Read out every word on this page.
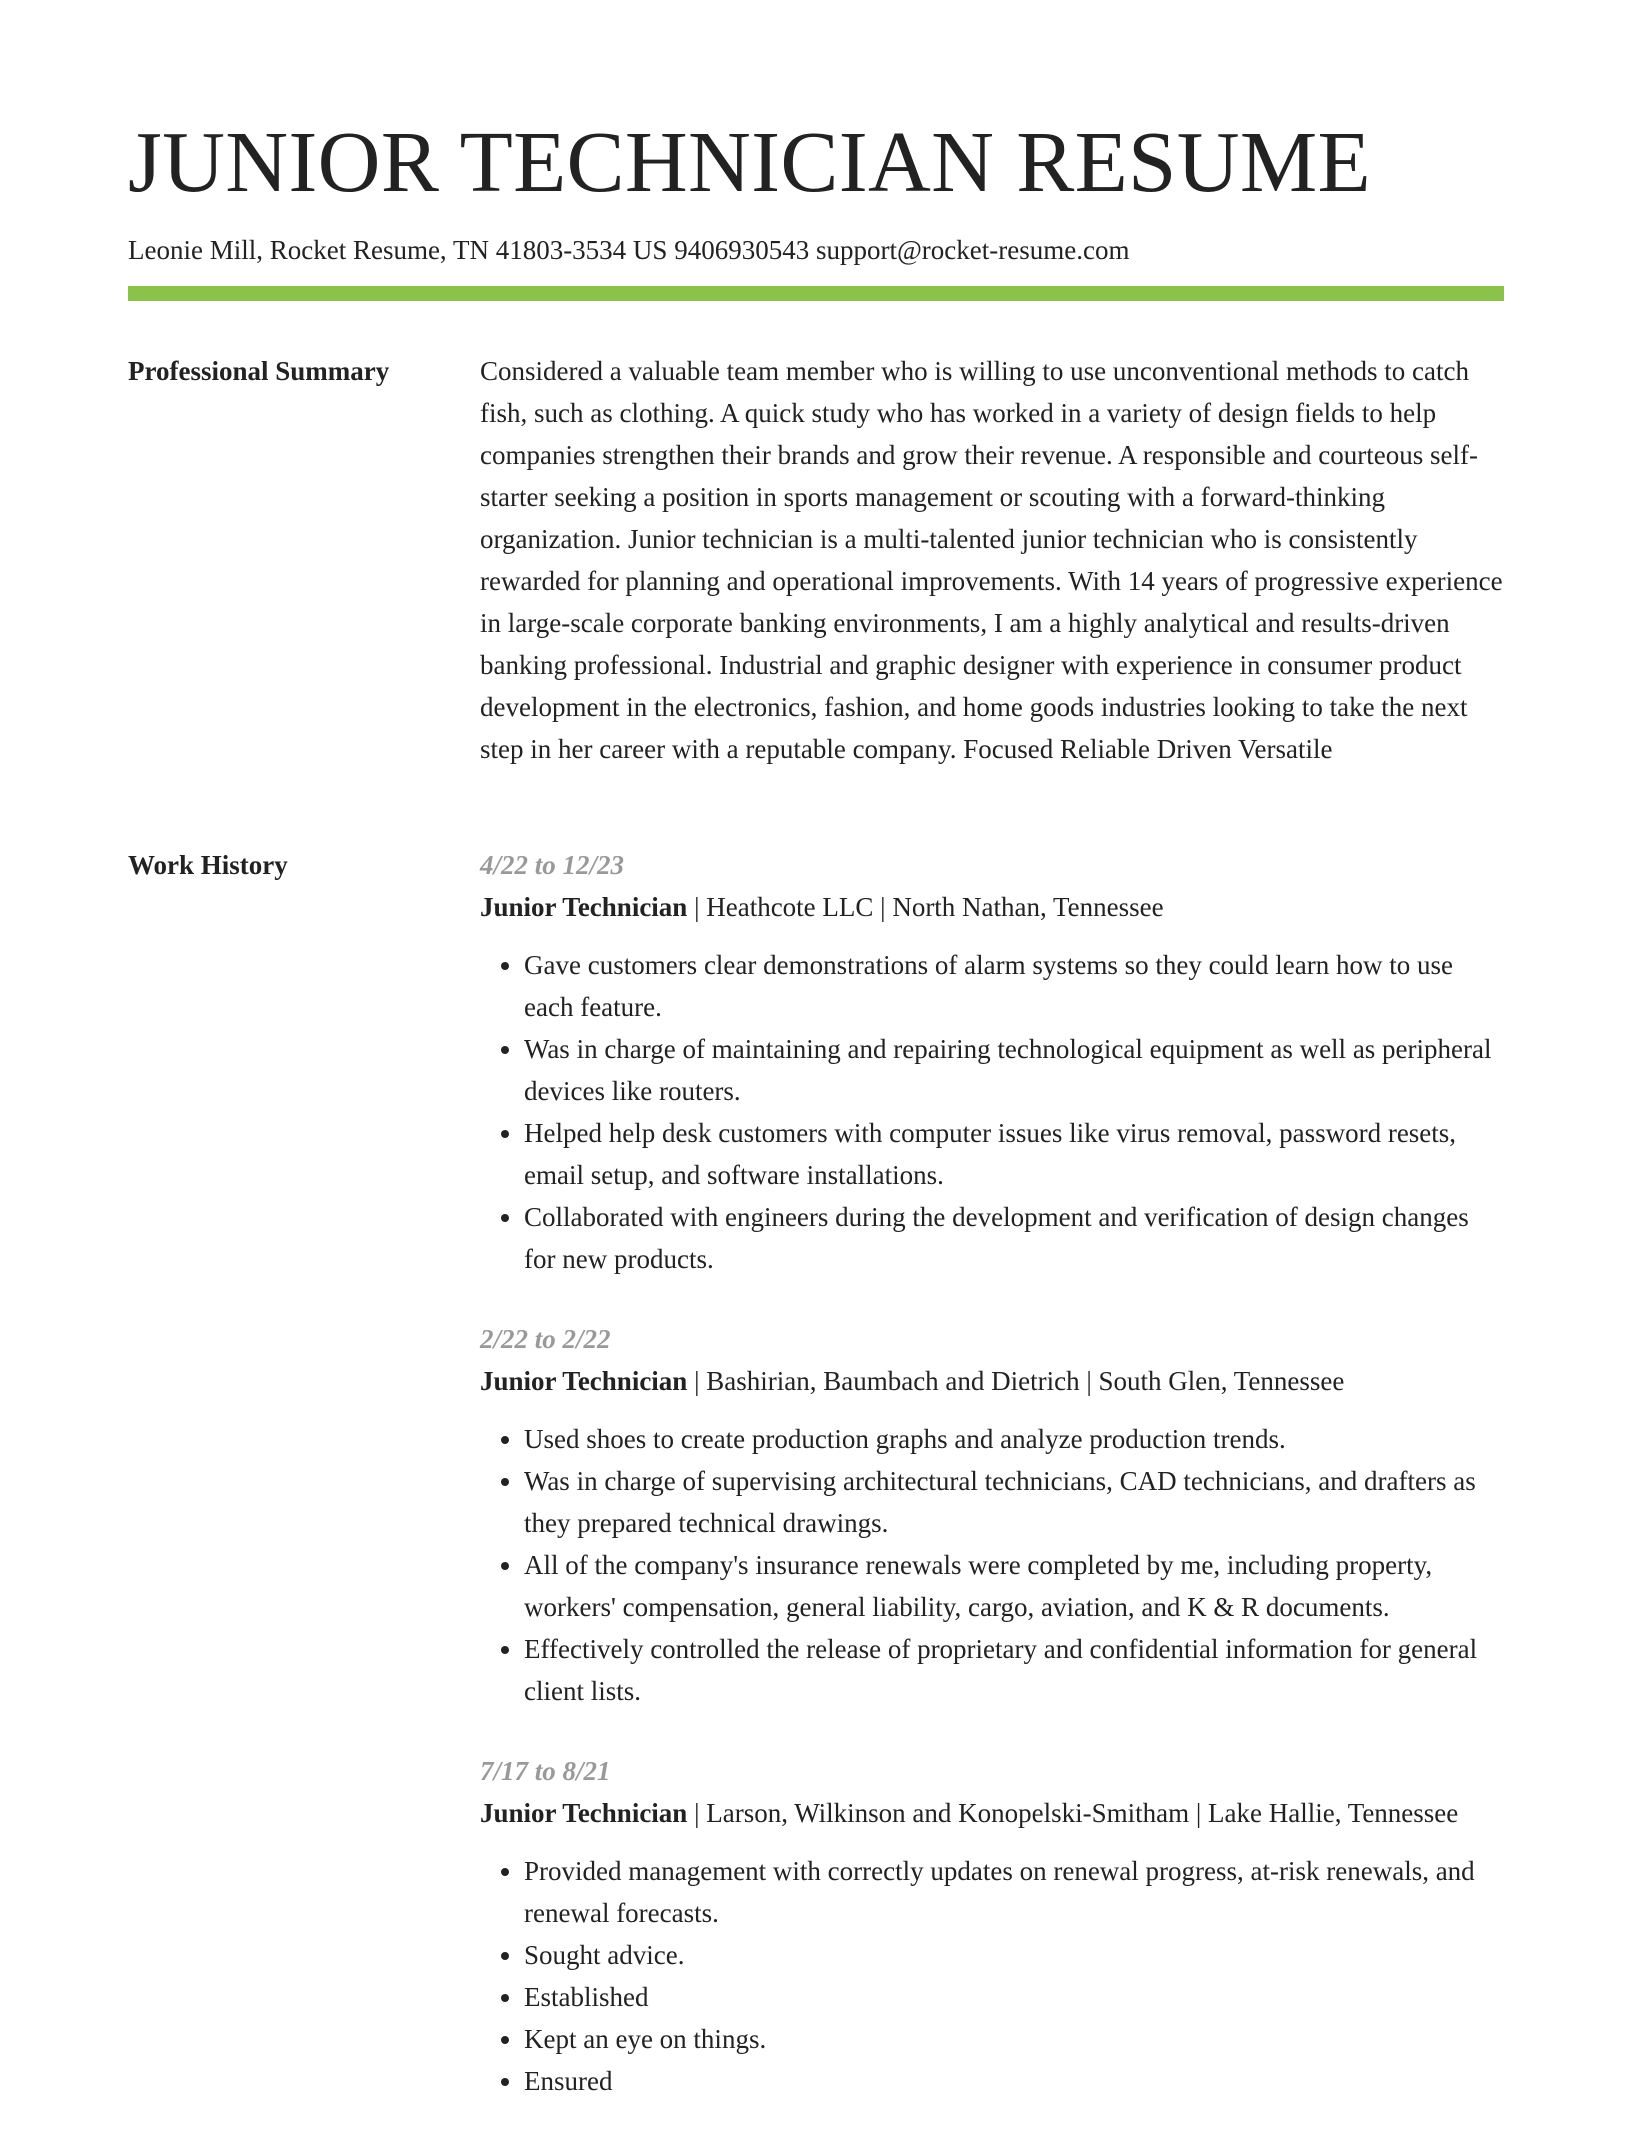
JUNIOR TECHNICIAN RESUME
Leonie Mill, Rocket Resume, TN 41803-3534 US 9406930543 support@rocket-resume.com
Professional Summary	Considered a valuable team member who is willing to use unconventional methods to catch fish, such as clothing. A quick study who has worked in a variety of design fields to help companies strengthen their brands and grow their revenue. A responsible and courteous self-starter seeking a position in sports management or scouting with a forward-thinking organization. Junior technician is a multi-talented junior technician who is consistently rewarded for planning and operational improvements. With 14 years of progressive experience in large-scale corporate banking environments, I am a highly analytical and results-driven banking professional. Industrial and graphic designer with experience in consumer product development in the electronics, fashion, and home goods industries looking to take the next step in her career with a reputable company. Focused Reliable Driven Versatile

Work History	4/22 to 12/23
Junior Technician | Heathcote LLC | North Nathan, Tennessee
• Gave customers clear demonstrations of alarm systems so they could learn how to use each feature.
• Was in charge of maintaining and repairing technological equipment as well as peripheral devices like routers.
• Helped help desk customers with computer issues like virus removal, password resets, email setup, and software installations.
• Collaborated with engineers during the development and verification of design changes for new products.
2/22 to 2/22
Junior Technician | Bashirian, Baumbach and Dietrich | South Glen, Tennessee
• Used shoes to create production graphs and analyze production trends.
• Was in charge of supervising architectural technicians, CAD technicians, and drafters as they prepared technical drawings.
• All of the company's insurance renewals were completed by me, including property, workers' compensation, general liability, cargo, aviation, and K & R documents.
• Effectively controlled the release of proprietary and confidential information for general client lists.
7/17 to 8/21
Junior Technician | Larson, Wilkinson and Konopelski-Smitham | Lake Hallie, Tennessee
• Provided management with correctly updates on renewal progress, at-risk renewals, and renewal forecasts.
• Sought advice.
• Established
• Kept an eye on things.
• Ensured
